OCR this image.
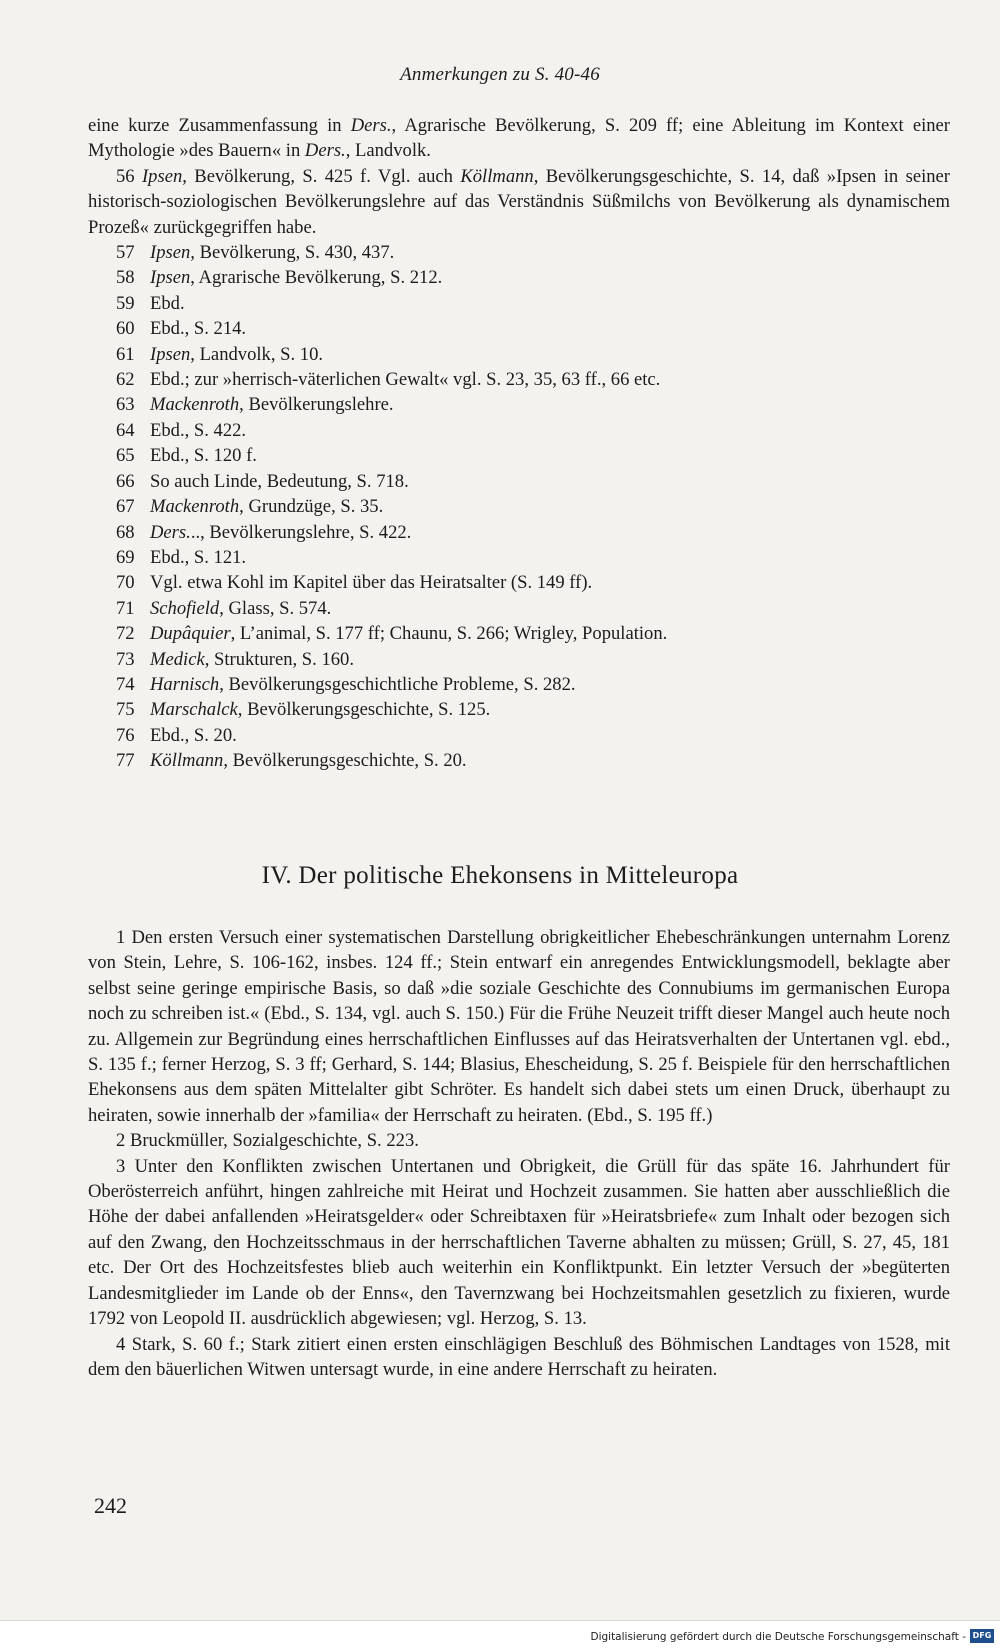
Anmerkungen zu S. 40-46

eine kurze Zusammenfassung in Ders., Agrarische Bevölkerung, S. 209 ff; eine Ableitung im Kontext einer Mythologie »des Bauern« in Ders., Landvolk.

56 Ipsen, Bevölkerung, S. 425 f. Vgl. auch Köllmann, Bevölkerungsgeschichte, S. 14, daß »Ipsen in seiner historisch-soziologischen Bevölkerungslehre auf das Verständnis Süßmilchs von Bevölkerung als dynamischem Prozeß« zurückgegriffen habe.

57 Ipsen, Bevölkerung, S. 430, 437.
58 Ipsen, Agrarische Bevölkerung, S. 212.
59 Ebd.
60 Ebd., S. 214.
61 Ipsen, Landvolk, S. 10.
62 Ebd.; zur »herrisch-väterlichen Gewalt« vgl. S. 23, 35, 63 ff., 66 etc.
63 Mackenroth, Bevölkerungslehre.
64 Ebd., S. 422.
65 Ebd., S. 120 f.
66 So auch Linde, Bedeutung, S. 718.
67 Mackenroth, Grundzüge, S. 35.
68 Ders..., Bevölkerungslehre, S. 422.
69 Ebd., S. 121.
70 Vgl. etwa Kohl im Kapitel über das Heiratsalter (S. 149 ff).
71 Schofield, Glass, S. 574.
72 Dupâquier, L’animal, S. 177 ff; Chaunu, S. 266; Wrigley, Population.
73 Medick, Strukturen, S. 160.
74 Harnisch, Bevölkerungsgeschichtliche Probleme, S. 282.
75 Marschalck, Bevölkerungsgeschichte, S. 125.
76 Ebd., S. 20.
77 Köllmann, Bevölkerungsgeschichte, S. 20.
IV. Der politische Ehekonsens in Mitteleuropa

1 Den ersten Versuch einer systematischen Darstellung obrigkeitlicher Ehebeschränkungen unternahm Lorenz von Stein, Lehre, S. 106-162, insbes. 124 ff.; Stein entwarf ein anregendes Entwicklungsmodell, beklagte aber selbst seine geringe empirische Basis, so daß »die soziale Geschichte des Connubiums im germanischen Europa noch zu schreiben ist.« (Ebd., S. 134, vgl. auch S. 150.) Für die Frühe Neuzeit trifft dieser Mangel auch heute noch zu. Allgemein zur Begründung eines herrschaftlichen Einflusses auf das Heiratsverhalten der Untertanen vgl. ebd., S. 135 f.; ferner Herzog, S. 3 ff; Gerhard, S. 144; Blasius, Ehescheidung, S. 25 f. Beispiele für den herrschaftlichen Ehekonsens aus dem späten Mittelalter gibt Schröter. Es handelt sich dabei stets um einen Druck, überhaupt zu heiraten, sowie innerhalb der »familia« der Herrschaft zu heiraten. (Ebd., S. 195 ff.)

2 Bruckmüller, Sozialgeschichte, S. 223.

3 Unter den Konflikten zwischen Untertanen und Obrigkeit, die Grüll für das späte 16. Jahrhundert für Oberösterreich anführt, hingen zahlreiche mit Heirat und Hochzeit zusammen. Sie hatten aber ausschließlich die Höhe der dabei anfallenden »Heiratsgelder« oder Schreibtaxen für »Heiratsbriefe« zum Inhalt oder bezogen sich auf den Zwang, den Hochzeitsschmaus in der herrschaftlichen Taverne abhalten zu müssen; Grüll, S. 27, 45, 181 etc. Der Ort des Hochzeitsfestes blieb auch weiterhin ein Konfliktpunkt. Ein letzter Versuch der »begüterten Landesmitglieder im Lande ob der Enns«, den Tavernzwang bei Hochzeitsmahlen gesetzlich zu fixieren, wurde 1792 von Leopold II. ausdrücklich abgewiesen; vgl. Herzog, S. 13.

4 Stark, S. 60 f.; Stark zitiert einen ersten einschlägigen Beschluß des Böhmischen Landtages von 1528, mit dem den bäuerlichen Witwen untersagt wurde, in eine andere Herrschaft zu heiraten.

242
Digitalisierung gefördert durch die Deutsche Forschungsgemeinschaft - DFG
